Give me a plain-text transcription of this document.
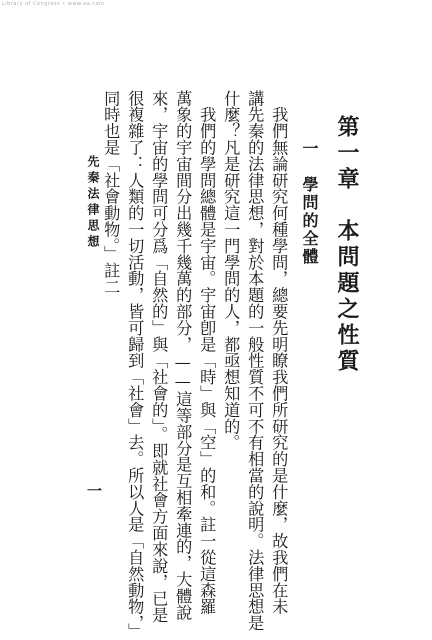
Library of Congress • www.aa.com
第一章　本問題之性質
一　學問的全體
　我們無論研究何種學問，總要先明瞭我們所研究的是什麼，故我們在未
講先秦的法律思想，對於本題的一般性質不可不有相當的說明。法律思想是
什麼？凡是研究這一門學問的人，都亟想知道的。
　我們的學問總體是宇宙。宇宙卽是「時」與「空」的和。註一從這森羅
萬象的宇宙間分出幾千幾萬的部分，——這等部分是互相牽連的，大體說
來，宇宙的學問可分爲「自然的」與「社會的」。即就社會方面來說，已是
很複雜了：人類的一切活動，皆可歸到「社會」去。所以人是「自然動物，」
同時也是「社會動物。」註二
先秦法律思想
一
